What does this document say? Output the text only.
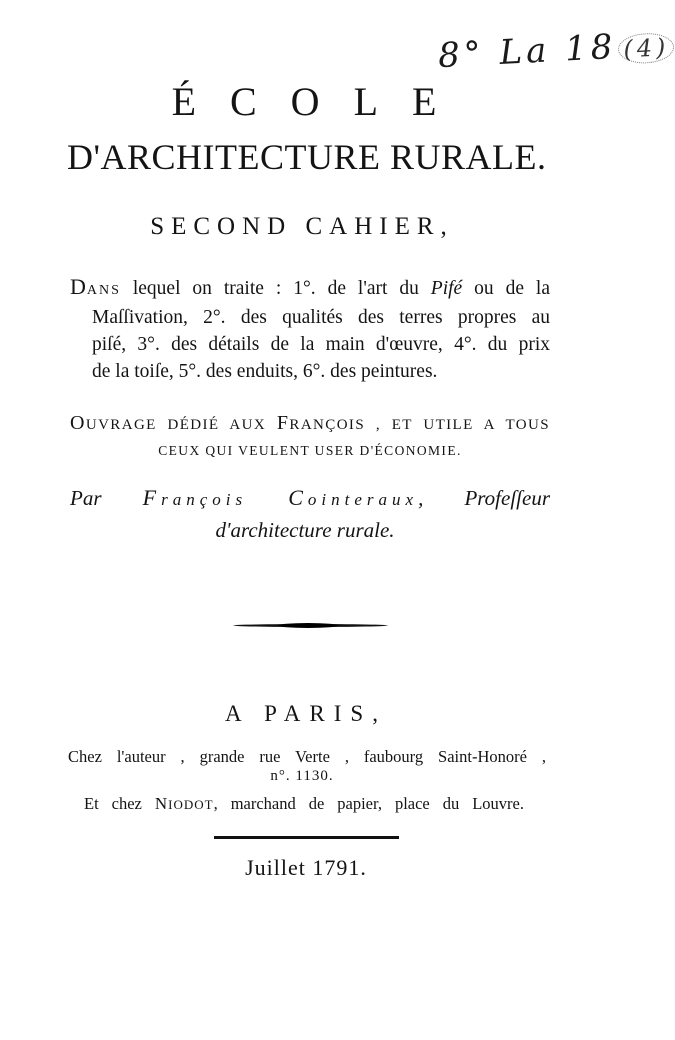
8° La 18 (4)
ÉCOLE
D'ARCHITECTURE RURALE.
SECOND CAHIER,
DANS lequel on traite : 1°. de l'art du Pifé ou de la
Maſſivation, 2°. des qualités des terres propres au
piſé, 3°. des détails de la main d'œuvre, 4°. du prix
de la toiſe, 5°. des enduits, 6°. des peintures.
OUVRAGE DÉDIÉ AUX FRANÇOIS , ET UTILE A TOUS
CEUX QUI VEULENT USER D'ÉCONOMIE.
Par François Cointeraux, Profeſſeur
d'architecture rurale.
A PARIS,
Chez l'auteur , grande rue Verte , faubourg Saint-Honoré ,
n°. 1130.
Et chez NIODOT, marchand de papier, place du Louvre.
Juillet 1791.
